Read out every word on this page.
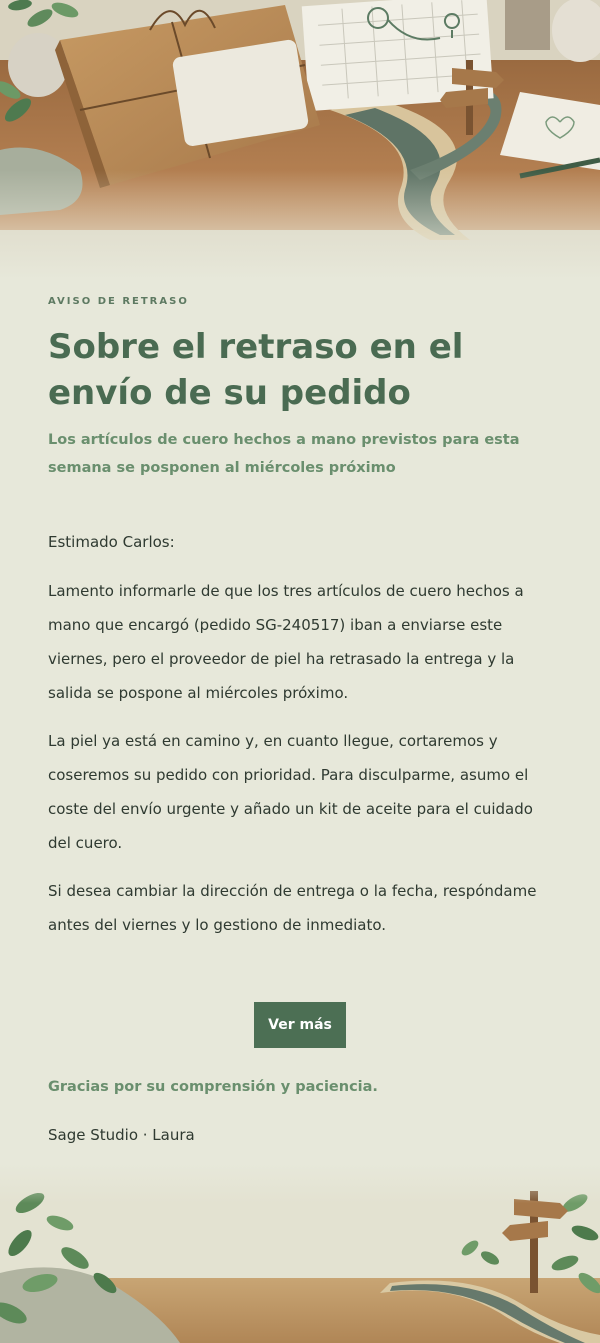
AVISO DE RETRASO

Sobre el retraso en el envío de su pedido

Los artículos de cuero hechos a mano previstos para esta semana se posponen al miércoles próximo

Estimado Carlos:

Lamento informarle de que los tres artículos de cuero hechos a mano que encargó (pedido SG-240517) iban a enviarse este viernes, pero el proveedor de piel ha retrasado la entrega y la salida se pospone al miércoles próximo.

La piel ya está en camino y, en cuanto llegue, cortaremos y coseremos su pedido con prioridad. Para disculparme, asumo el coste del envío urgente y añado un kit de aceite para el cuidado del cuero.

Si desea cambiar la dirección de entrega o la fecha, respóndame antes del viernes y lo gestiono de inmediato.

Ver más

Gracias por su comprensión y paciencia.

Sage Studio · Laura
